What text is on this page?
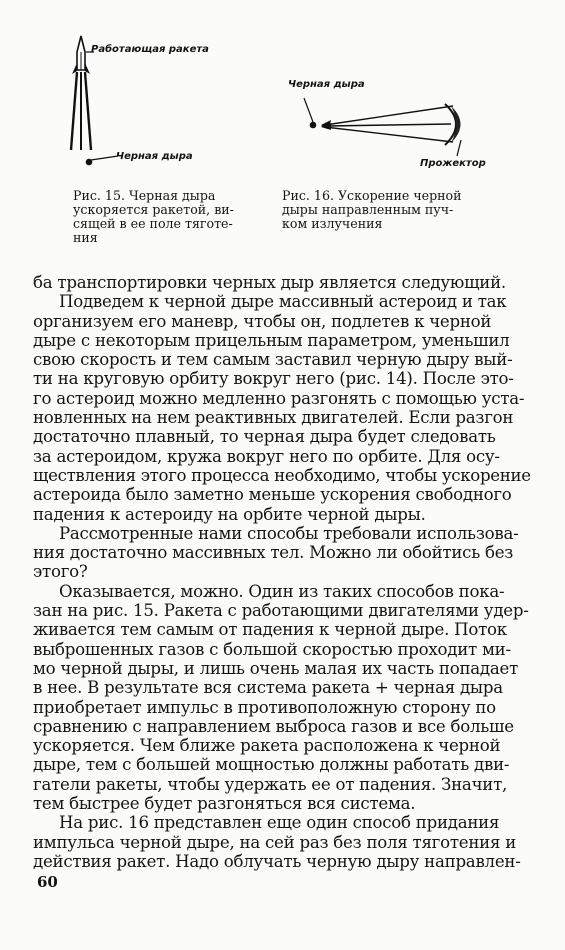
Работающая ракета
Черная дыра
Черная дыра
Прожектор
Рис. 15. Черная дыра
ускоряется ракетой, ви-
сящей в ее поле тяготе-
ния
Рис. 16. Ускорение черной
дыры направленным пуч-
ком излучения
ба транспортировки черных дыр является следующий.
Подведем к черной дыре массивный астероид и так
организуем его маневр, чтобы он, подлетев к черной
дыре с некоторым прицельным параметром, уменьшил
свою скорость и тем самым заставил черную дыру вый-
ти на круговую орбиту вокруг него (рис. 14). После это-
го астероид можно медленно разгонять с помощью уста-
новленных на нем реактивных двигателей. Если разгон
достаточно плавный, то черная дыра будет следовать
за астероидом, кружа вокруг него по орбите. Для осу-
ществления этого процесса необходимо, чтобы ускорение
астероида было заметно меньше ускорения свободного
падения к астероиду на орбите черной дыры.
Рассмотренные нами способы требовали использова-
ния достаточно массивных тел. Можно ли обойтись без
этого?
Оказывается, можно. Один из таких способов пока-
зан на рис. 15. Ракета с работающими двигателями удер-
живается тем самым от падения к черной дыре. Поток
выброшенных газов с большой скоростью проходит ми-
мо черной дыры, и лишь очень малая их часть попадает
в нее. В результате вся система ракета + черная дыра
приобретает импульс в противоположную сторону по
сравнению с направлением выброса газов и все больше
ускоряется. Чем ближе ракета расположена к черной
дыре, тем с большей мощностью должны работать дви-
гатели ракеты, чтобы удержать ее от падения. Значит,
тем быстрее будет разгоняться вся система.
На рис. 16 представлен еще один способ придания
импульса черной дыре, на сей раз без поля тяготения и
действия ракет. Надо облучать черную дыру направлен-
60
